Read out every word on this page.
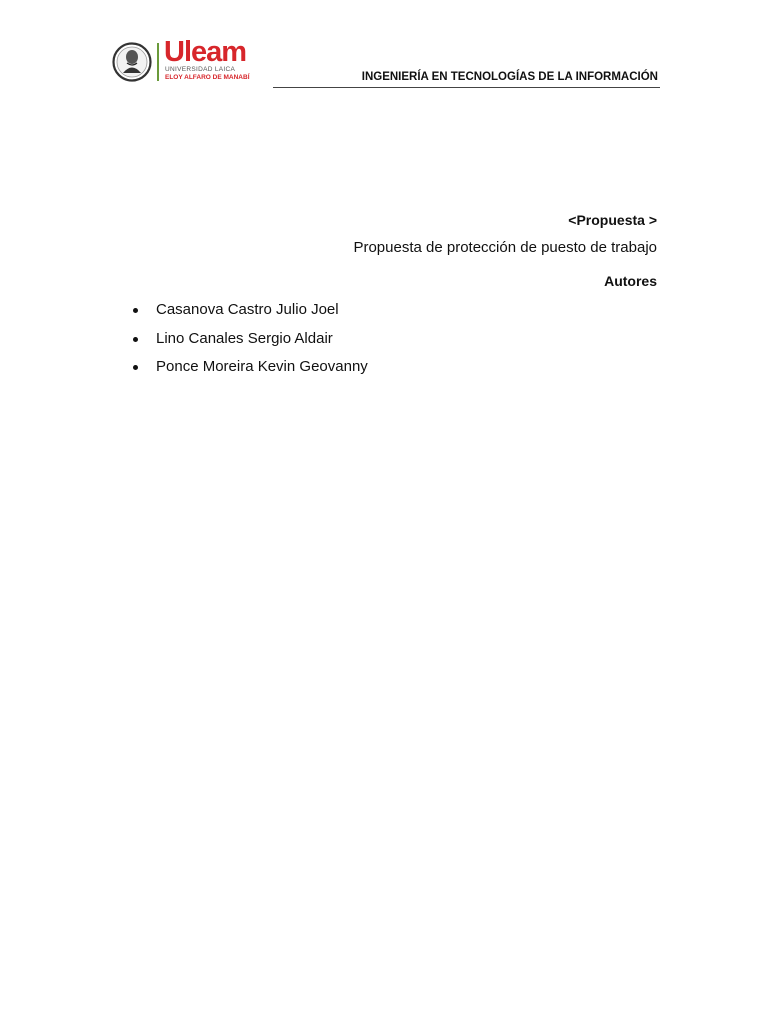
Uleam
UNIVERSIDAD LAICA
ELOY ALFARO DE MANABÍ	INGENIERÍA EN TECNOLOGÍAS DE LA INFORMACIÓN
<Propuesta >
Propuesta de protección de puesto de trabajo
Autores
Casanova Castro Julio Joel
Lino Canales Sergio Aldair
Ponce Moreira Kevin Geovanny
